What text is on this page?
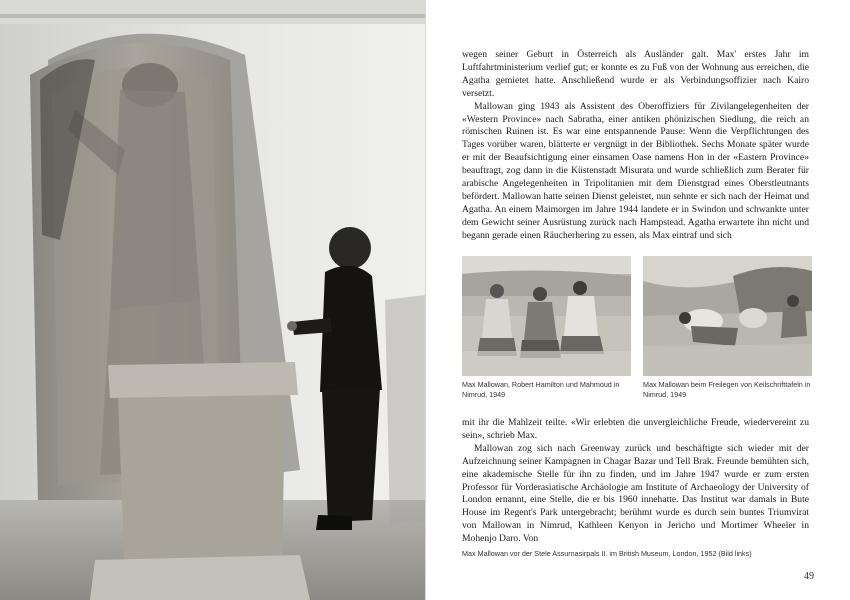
wegen seiner Geburt in Österreich als Ausländer galt. Max' erstes Jahr im Luftfahrtministerium verlief gut; er konnte es zu Fuß von der Wohnung aus erreichen, die Agatha gemietet hatte. Anschließend wurde er als Verbindungsoffizier nach Kairo versetzt.

Mallowan ging 1943 als Assistent des Oberoffiziers für Zivilangelegenheiten der «Western Province» nach Sabratha, einer antiken phönizischen Siedlung, die reich an römischen Ruinen ist. Es war eine entspannende Pause: Wenn die Verpflichtungen des Tages vorüber waren, blätterte er vergnügt in der Bibliothek. Sechs Monate später wurde er mit der Beaufsichtigung einer einsamen Oase namens Hon in der «Eastern Province» beauftragt, zog dann in die Küstenstadt Misurata und wurde schließlich zum Berater für arabische Angelegenheiten in Tripolitanien mit dem Dienstgrad eines Oberstleutnants befördert. Mallowan hatte seinen Dienst geleistet, nun sehnte er sich nach der Heimat und Agatha. An einem Maimorgen im Jahre 1944 landete er in Swindon und schwankte unter dem Gewicht seiner Ausrüstung zurück nach Hampstead. Agatha erwartete ihn nicht und begann gerade einen Räucherhering zu essen, als Max eintraf und sich

Max Mallowan, Robert Hamilton und Mahmoud in Nimrud, 1949
Max Mallowan beim Freilegen von Keilschrifttafeln in Nimrud, 1949

mit ihr die Mahlzeit teilte. «Wir erlebten die unvergleichliche Freude, wiedervereint zu sein», schrieb Max.

Mallowan zog sich nach Greenway zurück und beschäftigte sich wieder mit der Aufzeichnung seiner Kampagnen in Chagar Bazar und Tell Brak. Freunde bemühten sich, eine akademische Stelle für ihn zu finden, und im Jahre 1947 wurde er zum ersten Professor für Vorderasiatische Archäologie am Institute of Archaeology der University of London ernannt, eine Stelle, die er bis 1960 innehatte. Das Institut war damals in Bute House im Regent's Park untergebracht; berühmt wurde es durch sein buntes Triumvirat von Mallowan in Nimrud, Kathleen Kenyon in Jericho und Mortimer Wheeler in Mohenjo Daro. Von

Max Mallowan vor der Stele Assurnasirpals II. im British Museum, London, 1952 (Bild links)
49
